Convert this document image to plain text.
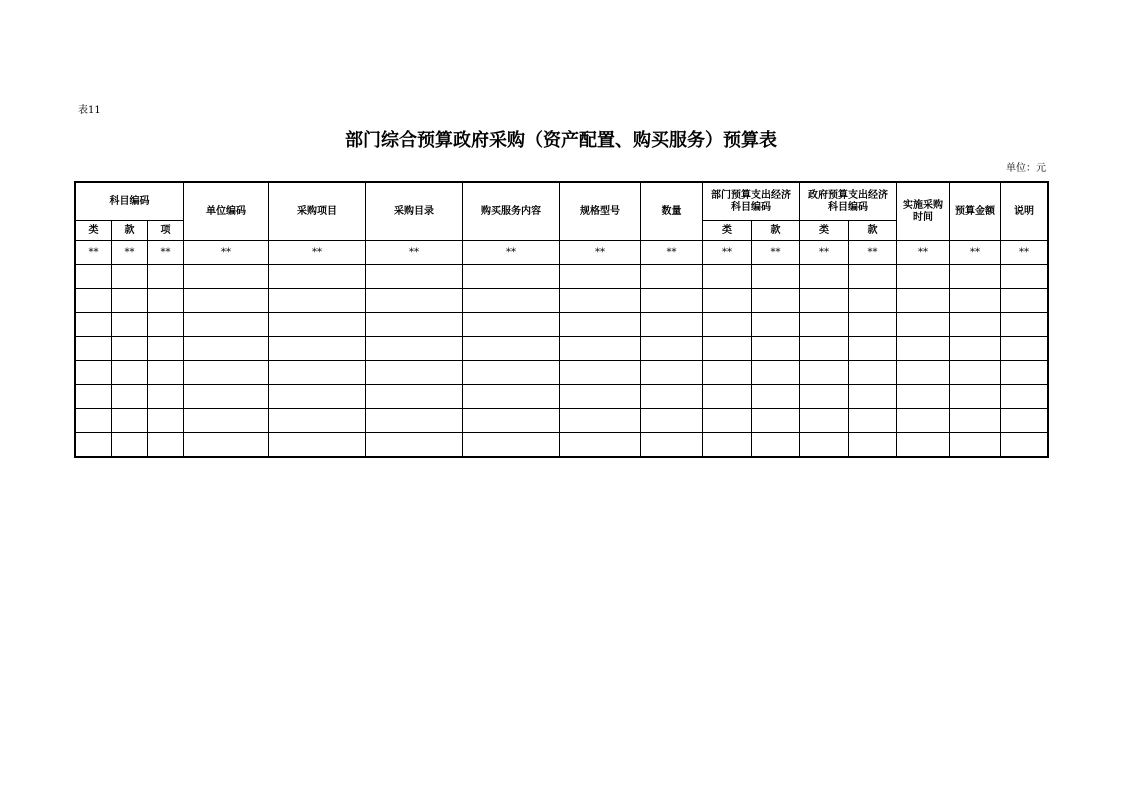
表11
部门综合预算政府采购（资产配置、购买服务）预算表
单位：元
科目编码			单位编码	采购项目	采购目录	购买服务内容	规格型号	数量	部门预算支出经济科目编码		政府预算支出经济科目编码		实施采购时间	预算金额	说明
类	款	项							类	款	类	款			
**	**	**	**	**	**	**	**	**	**	**	**	**	**	**	**
